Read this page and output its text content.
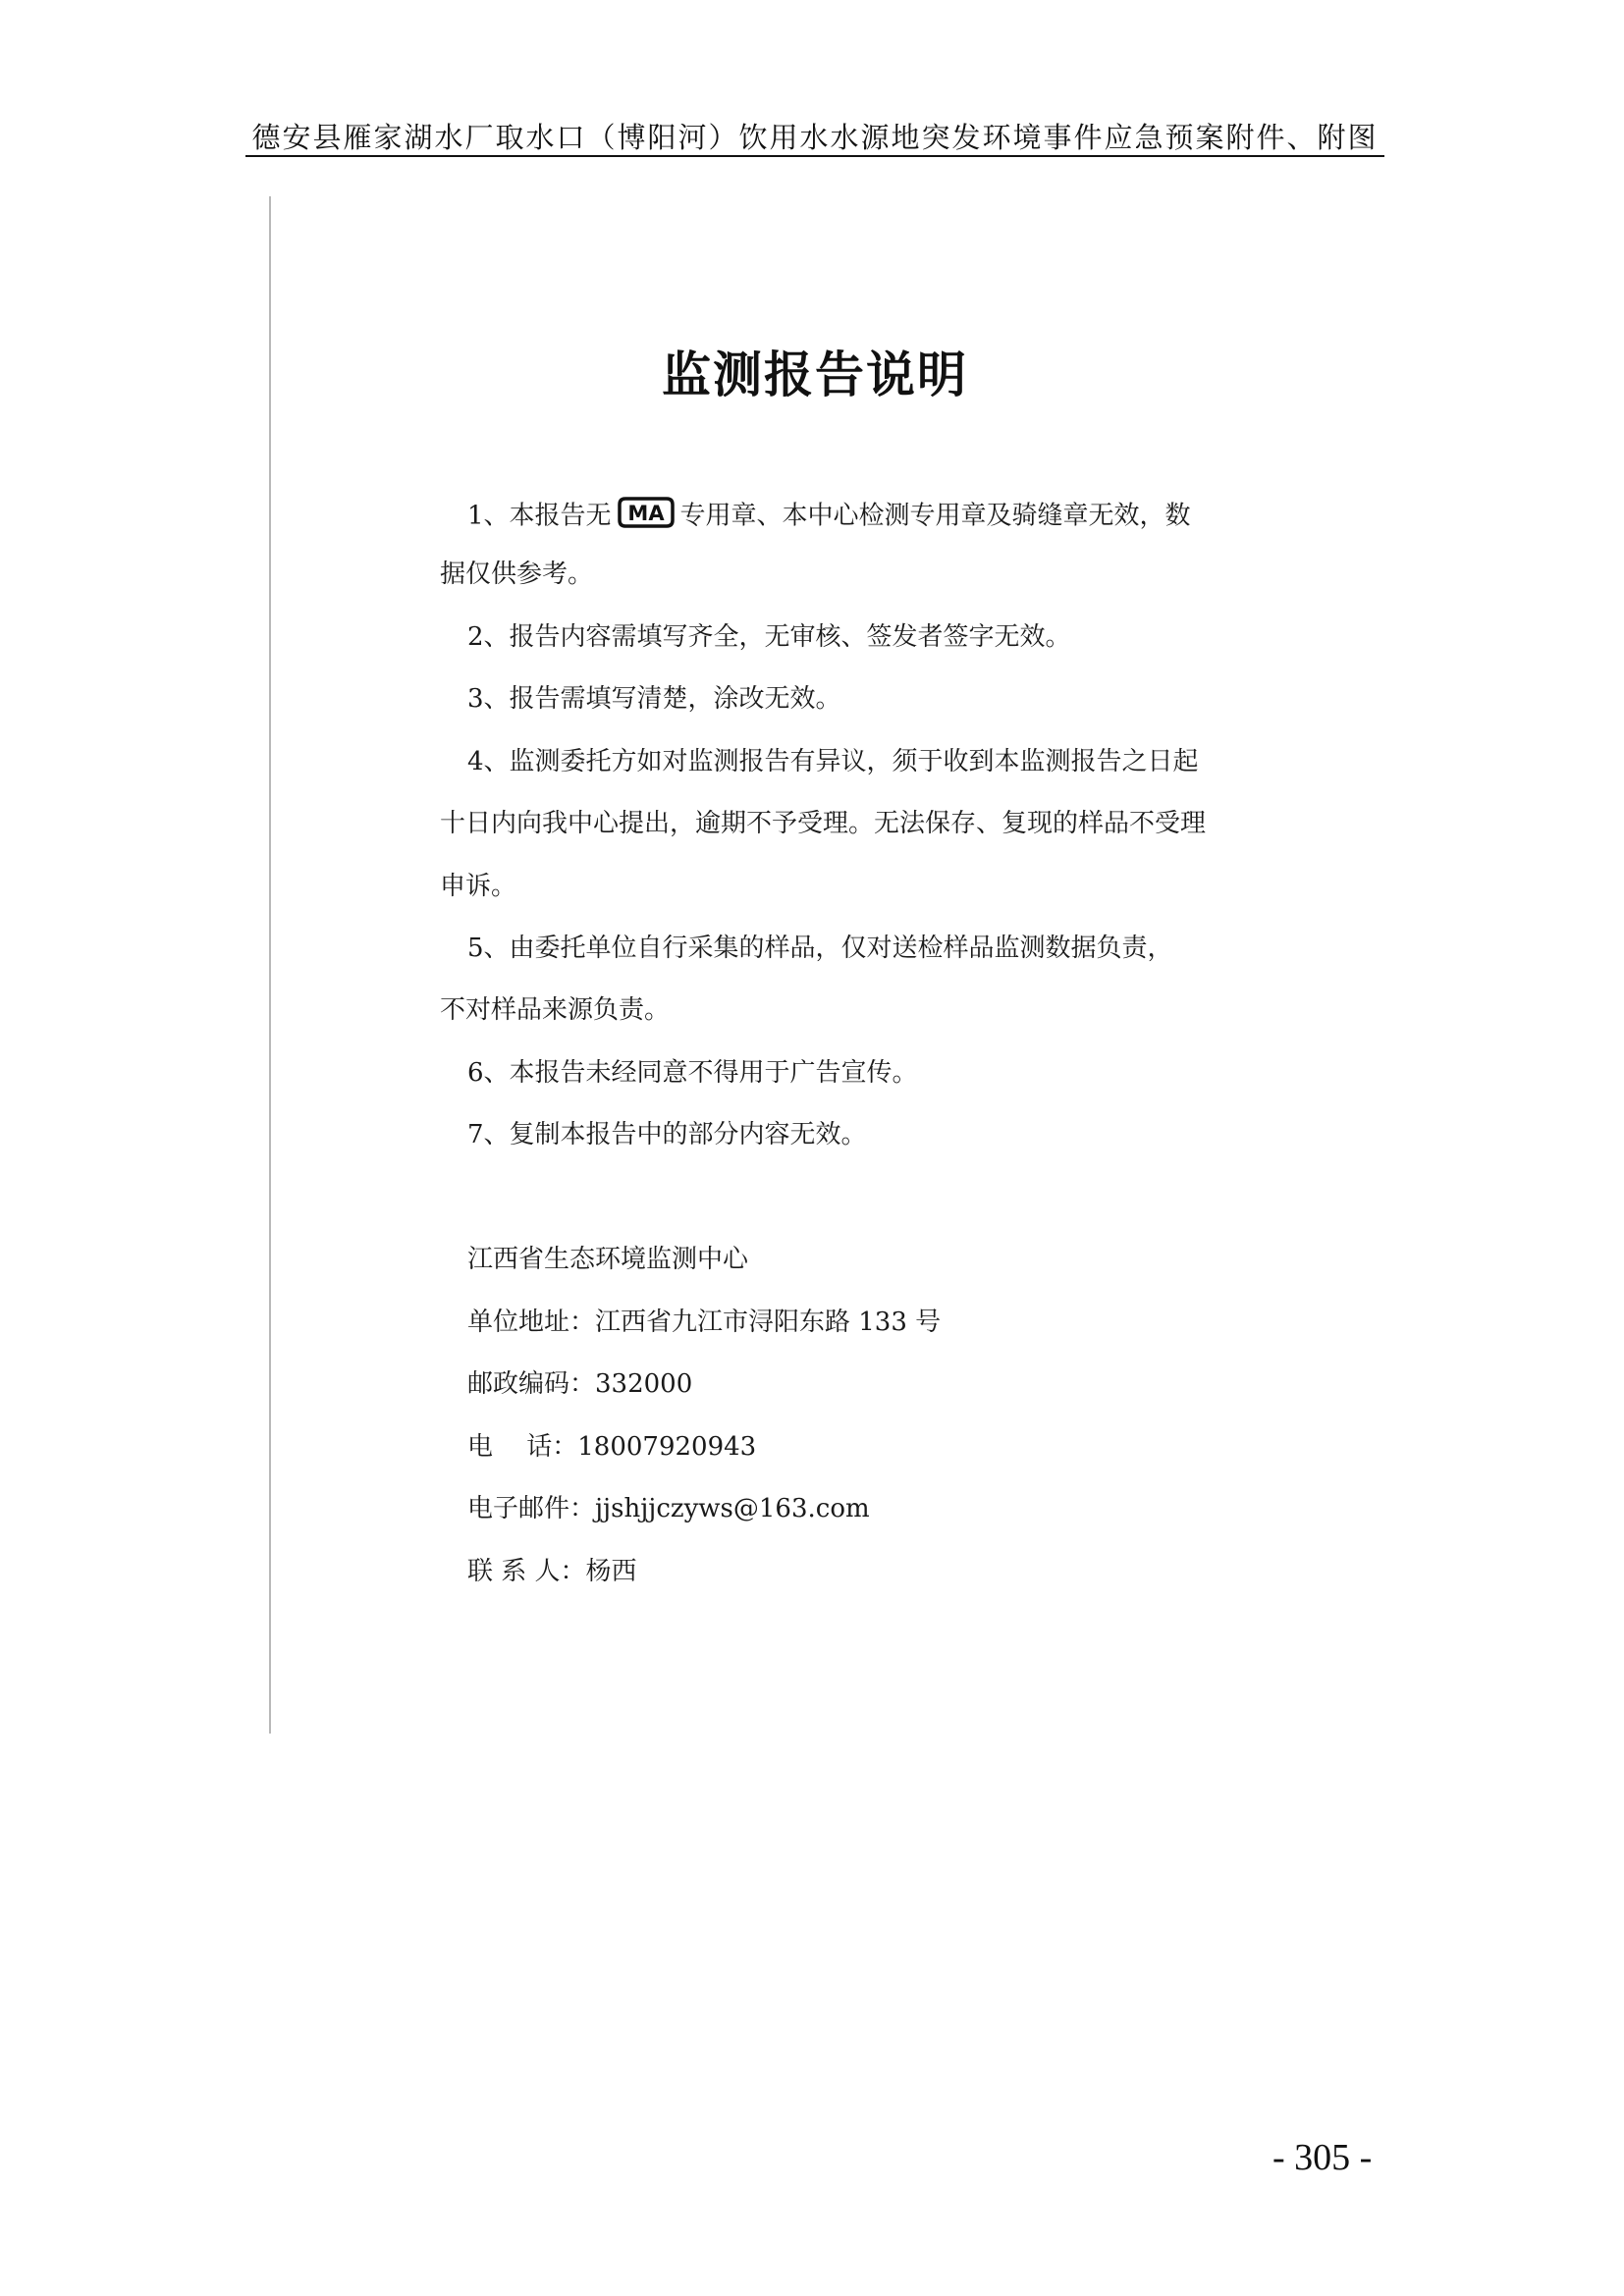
德安县雁家湖水厂取水口（博阳河）饮用水水源地突发环境事件应急预案附件、附图
监测报告说明
1、本报告无 MA 专用章、本中心检测专用章及骑缝章无效，数
据仅供参考。
2、报告内容需填写齐全，无审核、签发者签字无效。
3、报告需填写清楚，涂改无效。
4、监测委托方如对监测报告有异议，须于收到本监测报告之日起
十日内向我中心提出，逾期不予受理。无法保存、复现的样品不受理
申诉。
5、由委托单位自行采集的样品，仅对送检样品监测数据负责，
不对样品来源负责。
6、本报告未经同意不得用于广告宣传。
7、复制本报告中的部分内容无效。
江西省生态环境监测中心
单位地址：江西省九江市浔阳东路 133 号
邮政编码：332000
电　 话：18007920943
电子邮件：jjshjjczyws@163.com
联 系 人：杨西
- 305 -
